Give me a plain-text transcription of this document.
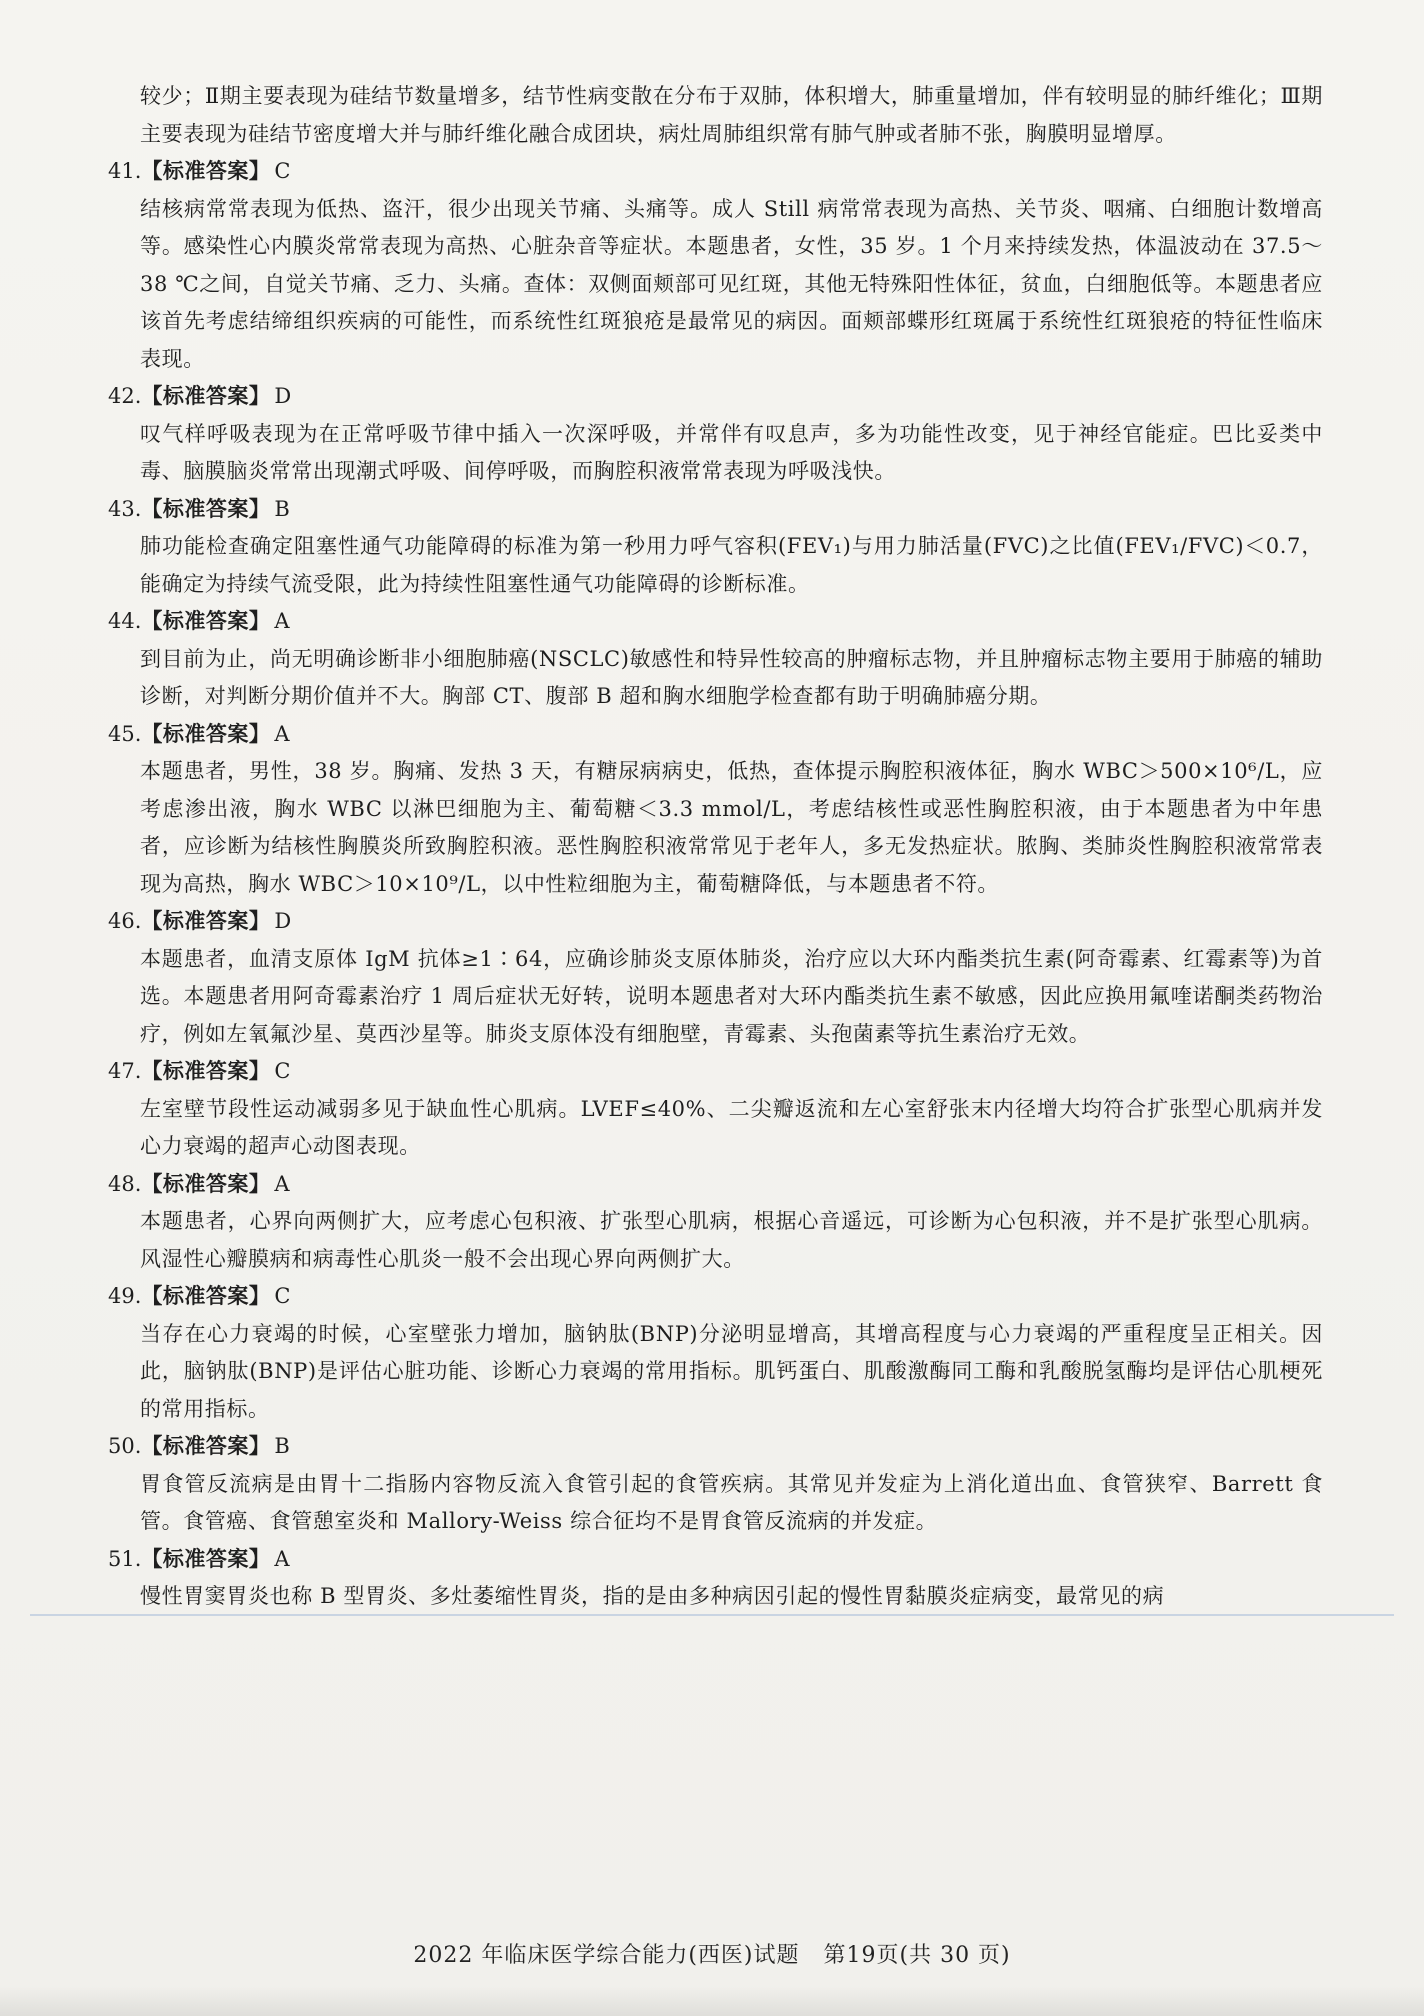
较少；Ⅱ期主要表现为硅结节数量增多，结节性病变散在分布于双肺，体积增大，肺重量增加，伴有较明显的肺纤维化；Ⅲ期主要表现为硅结节密度增大并与肺纤维化融合成团块，病灶周肺组织常有肺气肿或者肺不张，胸膜明显增厚。

41. 【标准答案】 C

结核病常常表现为低热、盗汗，很少出现关节痛、头痛等。成人 Still 病常常表现为高热、关节炎、咽痛、白细胞计数增高等。感染性心内膜炎常常表现为高热、心脏杂音等症状。本题患者，女性，35 岁。1 个月来持续发热，体温波动在 37.5～38 ℃之间，自觉关节痛、乏力、头痛。查体：双侧面颊部可见红斑，其他无特殊阳性体征，贫血，白细胞低等。本题患者应该首先考虑结缔组织疾病的可能性，而系统性红斑狼疮是最常见的病因。面颊部蝶形红斑属于系统性红斑狼疮的特征性临床表现。

42. 【标准答案】 D

叹气样呼吸表现为在正常呼吸节律中插入一次深呼吸，并常伴有叹息声，多为功能性改变，见于神经官能症。巴比妥类中毒、脑膜脑炎常常出现潮式呼吸、间停呼吸，而胸腔积液常常表现为呼吸浅快。

43. 【标准答案】 B

肺功能检查确定阻塞性通气功能障碍的标准为第一秒用力呼气容积(FEV₁)与用力肺活量(FVC)之比值(FEV₁/FVC)＜0.7，能确定为持续气流受限，此为持续性阻塞性通气功能障碍的诊断标准。

44. 【标准答案】 A

到目前为止，尚无明确诊断非小细胞肺癌(NSCLC)敏感性和特异性较高的肿瘤标志物，并且肿瘤标志物主要用于肺癌的辅助诊断，对判断分期价值并不大。胸部 CT、腹部 B 超和胸水细胞学检查都有助于明确肺癌分期。

45. 【标准答案】 A

本题患者，男性，38 岁。胸痛、发热 3 天，有糖尿病病史，低热，查体提示胸腔积液体征，胸水 WBC＞500×10⁶/L，应考虑渗出液，胸水 WBC 以淋巴细胞为主、葡萄糖＜3.3 mmol/L，考虑结核性或恶性胸腔积液，由于本题患者为中年患者，应诊断为结核性胸膜炎所致胸腔积液。恶性胸腔积液常常见于老年人，多无发热症状。脓胸、类肺炎性胸腔积液常常表现为高热，胸水 WBC＞10×10⁹/L，以中性粒细胞为主，葡萄糖降低，与本题患者不符。

46. 【标准答案】 D

本题患者，血清支原体 IgM 抗体≥1∶64，应确诊肺炎支原体肺炎，治疗应以大环内酯类抗生素(阿奇霉素、红霉素等)为首选。本题患者用阿奇霉素治疗 1 周后症状无好转，说明本题患者对大环内酯类抗生素不敏感，因此应换用氟喹诺酮类药物治疗，例如左氧氟沙星、莫西沙星等。肺炎支原体没有细胞壁，青霉素、头孢菌素等抗生素治疗无效。

47. 【标准答案】 C

左室壁节段性运动减弱多见于缺血性心肌病。LVEF≤40%、二尖瓣返流和左心室舒张末内径增大均符合扩张型心肌病并发心力衰竭的超声心动图表现。

48. 【标准答案】 A

本题患者，心界向两侧扩大，应考虑心包积液、扩张型心肌病，根据心音遥远，可诊断为心包积液，并不是扩张型心肌病。风湿性心瓣膜病和病毒性心肌炎一般不会出现心界向两侧扩大。

49. 【标准答案】 C

当存在心力衰竭的时候，心室壁张力增加，脑钠肽(BNP)分泌明显增高，其增高程度与心力衰竭的严重程度呈正相关。因此，脑钠肽(BNP)是评估心脏功能、诊断心力衰竭的常用指标。肌钙蛋白、肌酸激酶同工酶和乳酸脱氢酶均是评估心肌梗死的常用指标。

50. 【标准答案】 B

胃食管反流病是由胃十二指肠内容物反流入食管引起的食管疾病。其常见并发症为上消化道出血、食管狭窄、Barrett 食管。食管癌、食管憩室炎和 Mallory-Weiss 综合征均不是胃食管反流病的并发症。

51. 【标准答案】 A

慢性胃窦胃炎也称 B 型胃炎、多灶萎缩性胃炎，指的是由多种病因引起的慢性胃黏膜炎症病变，最常见的病

2022 年临床医学综合能力(西医)试题 第19页(共 30 页)
